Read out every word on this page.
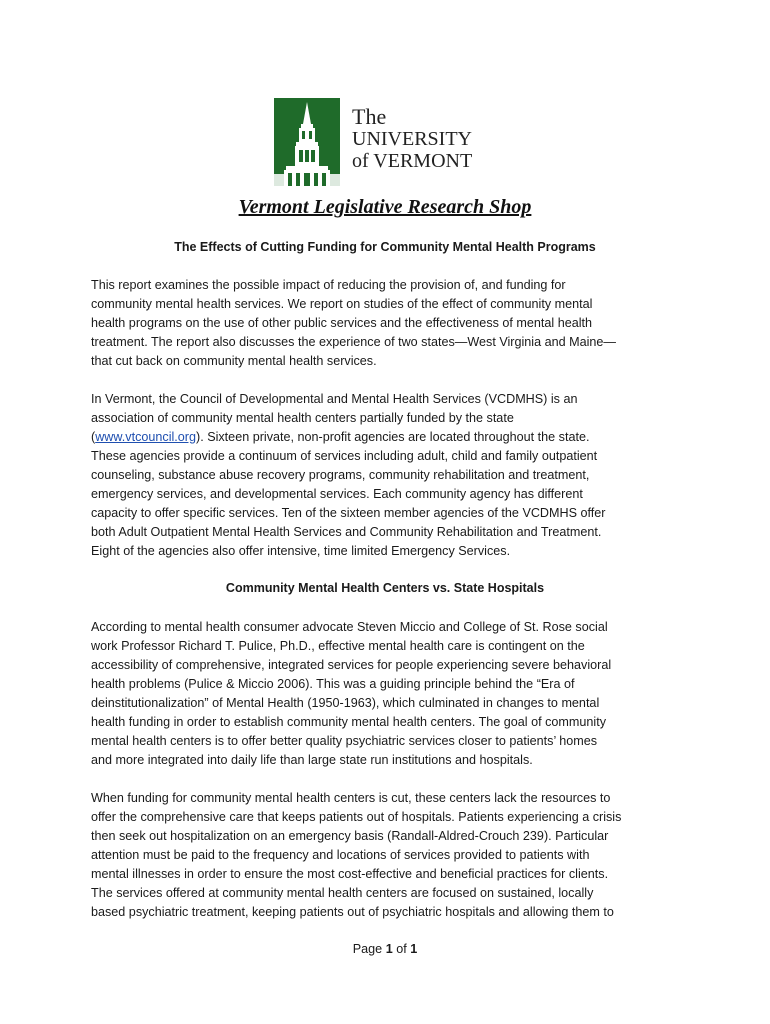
The
UNIVERSITY
of VERMONT
Vermont Legislative Research Shop
The Effects of Cutting Funding for Community Mental Health Programs
This report examines the possible impact of reducing the provision of, and funding for
community mental health services. We report on studies of the effect of community mental
health programs on the use of other public services and the effectiveness of mental health
treatment. The report also discusses the experience of two states—West Virginia and Maine—
that cut back on community mental health services.
In Vermont, the Council of Developmental and Mental Health Services (VCDMHS) is an
association of community mental health centers partially funded by the state
(www.vtcouncil.org). Sixteen private, non-profit agencies are located throughout the state.
These agencies provide a continuum of services including adult, child and family outpatient
counseling, substance abuse recovery programs, community rehabilitation and treatment,
emergency services, and developmental services. Each community agency has different
capacity to offer specific services. Ten of the sixteen member agencies of the VCDMHS offer
both Adult Outpatient Mental Health Services and Community Rehabilitation and Treatment.
Eight of the agencies also offer intensive, time limited Emergency Services.
Community Mental Health Centers vs. State Hospitals
According to mental health consumer advocate Steven Miccio and College of St. Rose social
work Professor Richard T. Pulice, Ph.D., effective mental health care is contingent on the
accessibility of comprehensive, integrated services for people experiencing severe behavioral
health problems (Pulice & Miccio 2006). This was a guiding principle behind the “Era of
deinstitutionalization” of Mental Health (1950-1963), which culminated in changes to mental
health funding in order to establish community mental health centers. The goal of community
mental health centers is to offer better quality psychiatric services closer to patients’ homes
and more integrated into daily life than large state run institutions and hospitals.
When funding for community mental health centers is cut, these centers lack the resources to
offer the comprehensive care that keeps patients out of hospitals. Patients experiencing a crisis
then seek out hospitalization on an emergency basis (Randall-Aldred-Crouch 239). Particular
attention must be paid to the frequency and locations of services provided to patients with
mental illnesses in order to ensure the most cost-effective and beneficial practices for clients.
The services offered at community mental health centers are focused on sustained, locally
based psychiatric treatment, keeping patients out of psychiatric hospitals and allowing them to
Page 1 of 1
